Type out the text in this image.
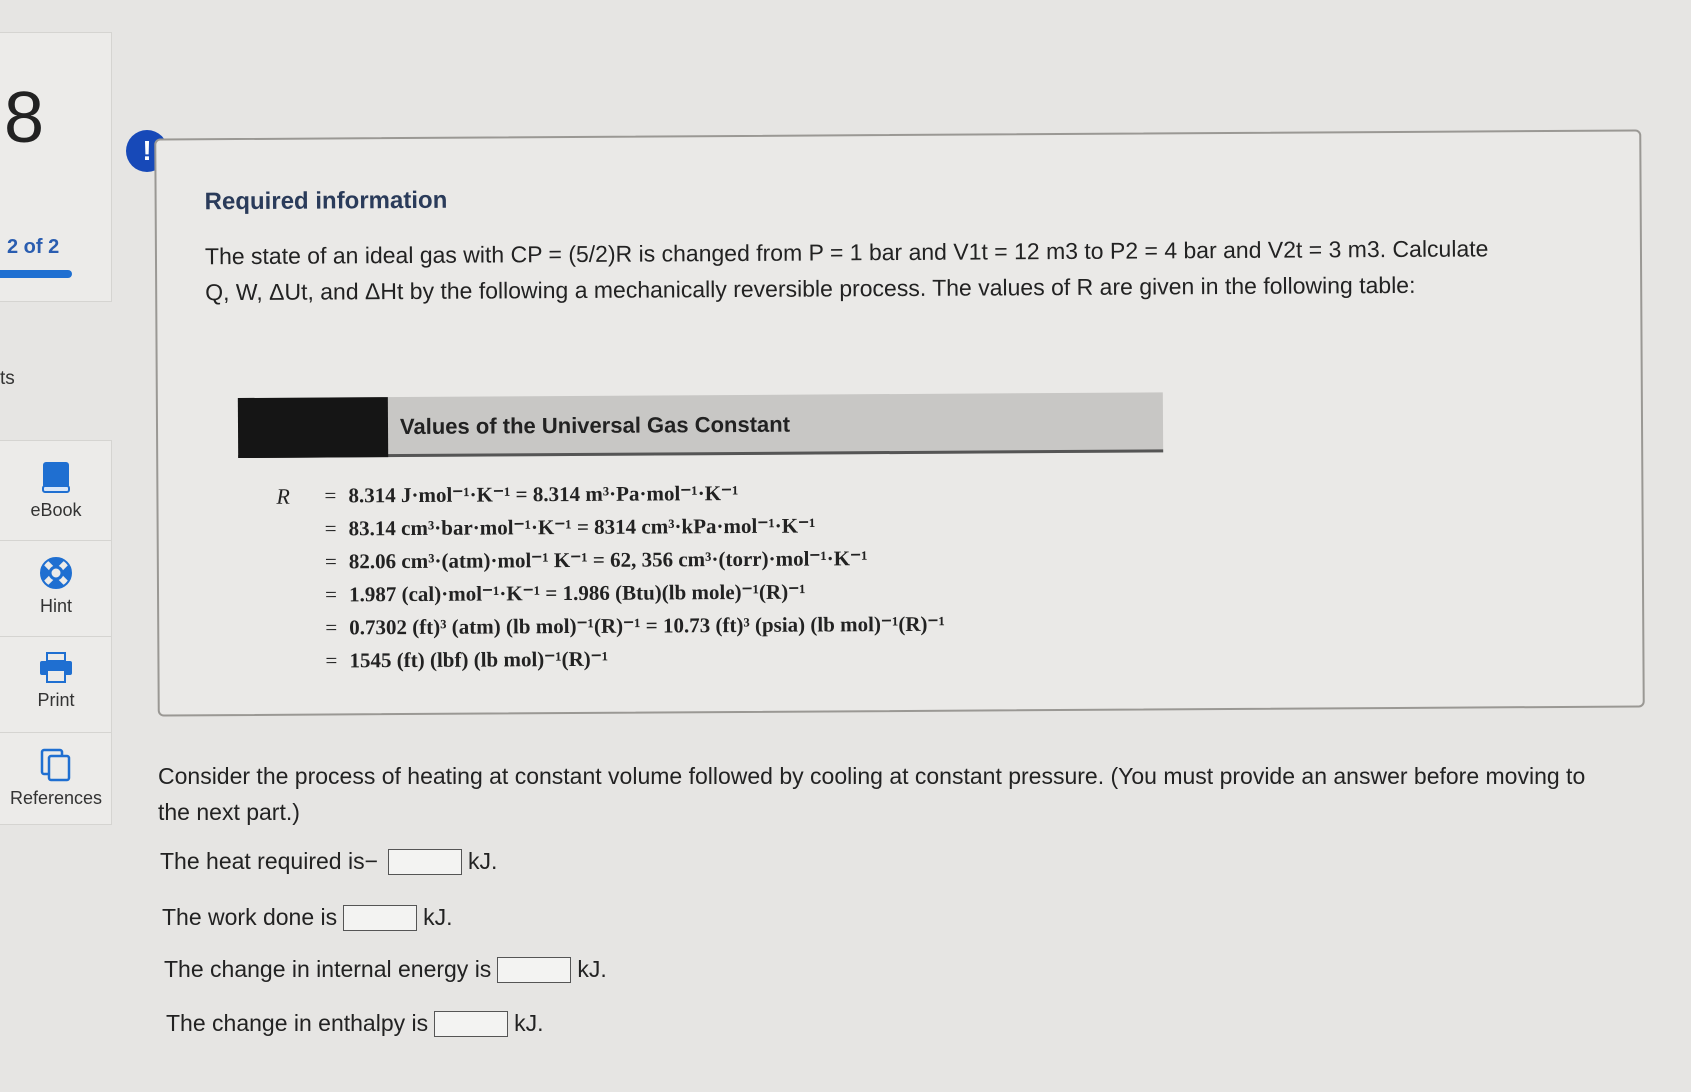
8
2 of 2
ts
eBook
Hint
Print
References
!
Required information
The state of an ideal gas with CP = (5/2)R is changed from P = 1 bar and V1t = 12 m3 to P2 = 4 bar and V2t = 3 m3. Calculate Q, W, ΔUt, and ΔHt by the following a mechanically reversible process. The values of R are given in the following table:
Values of the Universal Gas Constant
R	= 8.314 J·mol⁻¹·K⁻¹ = 8.314 m³·Pa·mol⁻¹·K⁻¹
= 83.14 cm³·bar·mol⁻¹·K⁻¹ = 8314 cm³·kPa·mol⁻¹·K⁻¹
= 82.06 cm³·(atm)·mol⁻¹ K⁻¹ = 62, 356 cm³·(torr)·mol⁻¹·K⁻¹
= 1.987 (cal)·mol⁻¹·K⁻¹ = 1.986 (Btu)(lb mole)⁻¹(R)⁻¹
= 0.7302 (ft)³ (atm) (lb mol)⁻¹(R)⁻¹ = 10.73 (ft)³ (psia) (lb mol)⁻¹(R)⁻¹
= 1545 (ft) (lbf) (lb mol)⁻¹(R)⁻¹
Consider the process of heating at constant volume followed by cooling at constant pressure. (You must provide an answer before moving to the next part.)
The heat required is −	kJ.
The work done is	kJ.
The change in internal energy is	kJ.
The change in enthalpy is	kJ.
